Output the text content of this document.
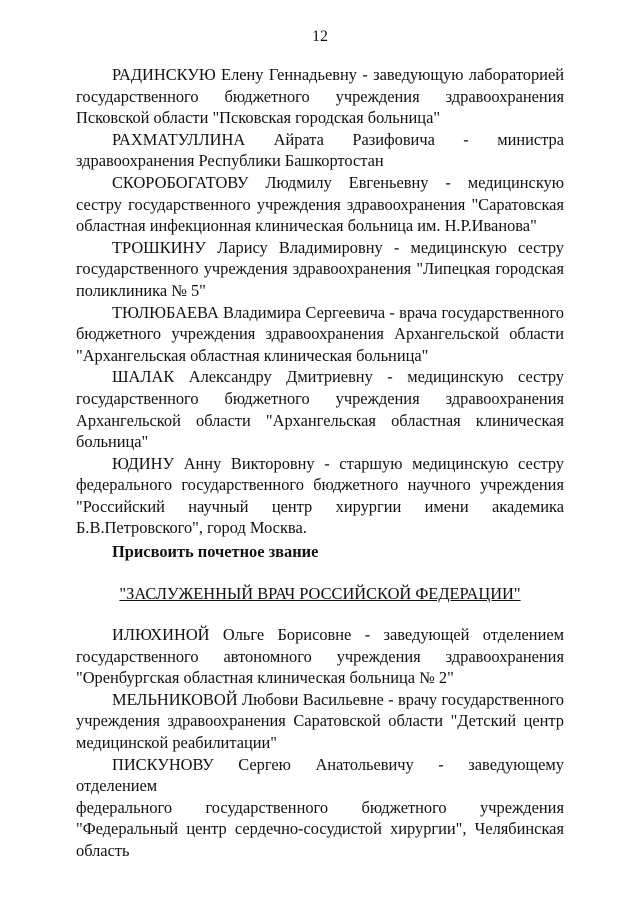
12

РАДИНСКУЮ Елену Геннадьевну - заведующую лабораторией
государственного бюджетного учреждения здравоохранения Псковской области "Псковская городская больница"

РАХМАТУЛЛИНА Айрата Разифовича - министра
здравоохранения Республики Башкортостан

СКОРОБОГАТОВУ Людмилу Евгеньевну - медицинскую
сестру государственного учреждения здравоохранения "Саратовская областная инфекционная клиническая больница им. Н.Р.Иванова"

ТРОШКИНУ Ларису Владимировну - медицинскую сестру
государственного учреждения здравоохранения "Липецкая городская поликлиника № 5"

ТЮЛЮБАЕВА Владимира Сергеевича - врача государственного
бюджетного учреждения здравоохранения Архангельской области "Архангельская областная клиническая больница"

ШАЛАК Александру Дмитриевну - медицинскую сестру
государственного бюджетного учреждения здравоохранения Архангельской области "Архангельская областная клиническая больница"

ЮДИНУ Анну Викторовну - старшую медицинскую сестру
федерального государственного бюджетного научного учреждения "Российский научный центр хирургии имени академика Б.В.Петровского", город Москва.

Присвоить почетное звание
"ЗАСЛУЖЕННЫЙ ВРАЧ РОССИЙСКОЙ ФЕДЕРАЦИИ"

ИЛЮХИНОЙ Ольге Борисовне - заведующей отделением
государственного автономного учреждения здравоохранения "Оренбургская областная клиническая больница № 2"

МЕЛЬНИКОВОЙ Любови Васильевне - врачу государственного
учреждения здравоохранения Саратовской области "Детский центр медицинской реабилитации"

ПИСКУНОВУ Сергею Анатольевичу - заведующему отделением
федерального государственного бюджетного учреждения "Федеральный центр сердечно-сосудистой хирургии", Челябинская область
